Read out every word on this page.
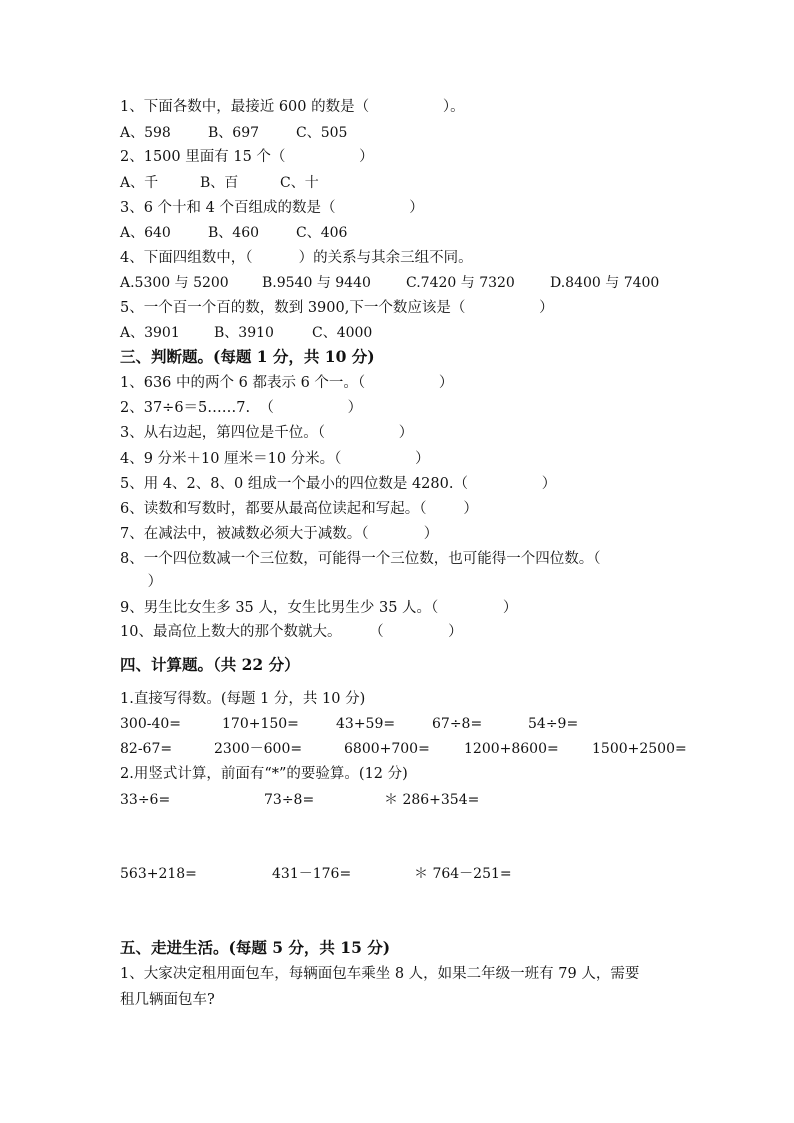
1、下面各数中，最接近 600 的数是（                ）。
A、598	B、697	C、505
2、1500 里面有 15 个（                ）
A、千	B、百	C、十
3、6 个十和 4 个百组成的数是（                ）
A、640	B、460	C、406
4、下面四组数中，（          ）的关系与其余三组不同。
A.5300 与 5200 B.9540 与 9440	C.7420 与 7320	D.8400 与 7400
5、一个百一个百的数，数到 3900,下一个数应该是（                ）
A、3901 B、3910	C、4000
三、判断题。(每题 1 分，共 10 分)
1、636 中的两个 6 都表示 6 个一。（                ）
2、37÷6＝5……7.  （                ）
3、从右边起，第四位是千位。（                ）
4、9 分米＋10 厘米＝10 分米。（                ）
5、用 4、2、8、0 组成一个最小的四位数是 4280.（                ）
6、读数和写数时，都要从最高位读起和写起。（        ）
7、在减法中，被减数必须大于减数。（            ）
8、一个四位数减一个三位数，可能得一个三位数，也可能得一个四位数。（
）
9、男生比女生多 35 人，女生比男生少 35 人。（              ）
10、最高位上数大的那个数就大。      （              ）
四、计算题。（共 22 分）
1.直接写得数。(每题 1 分，共 10 分)
300-40=	170+150=	43+59=	67÷8=	54÷9=
82-67=	2300－600=	6800+700= 1200+8600= 1500+2500=
2.用竖式计算，前面有“*”的要验算。(12 分)
33÷6=	73÷8=	＊ 286+354=
563+218=	431－176=	＊ 764－251=
五、走进生活。(每题 5 分，共 15 分)
1、大家决定租用面包车，每辆面包车乘坐 8 人，如果二年级一班有 79 人，需要
租几辆面包车?
